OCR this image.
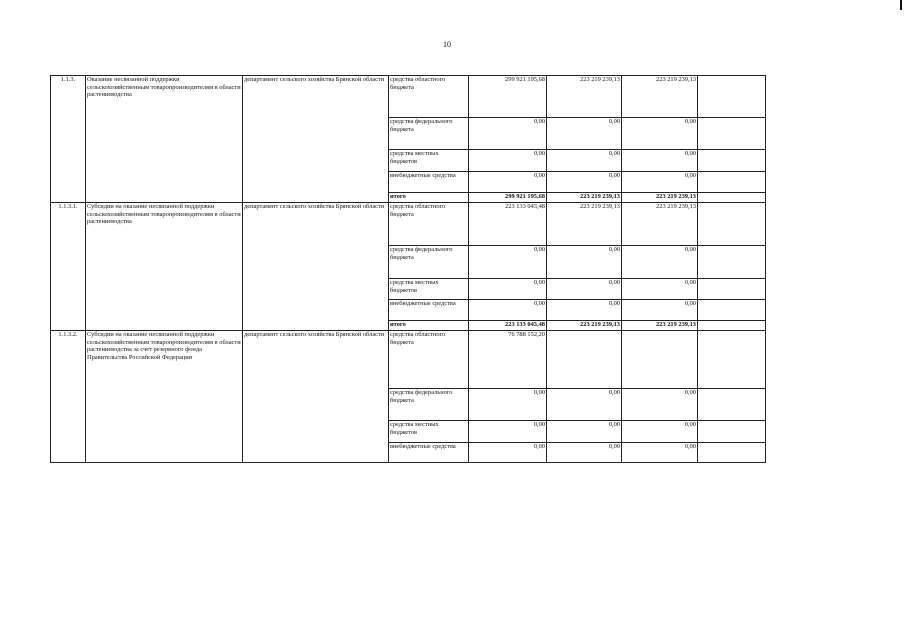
10
1.1.3.	Оказание несвязанной поддержки сельскохозяйственным товаропроизводителям в области растениеводства	департамент сельского хозяйства Брянской области	средства областного бюджета	299 921 195,68	223 219 239,13	223 219 239,13	
			средства федерального бюджета	0,00	0,00	0,00	
			средства местных бюджетов	0,00	0,00	0,00	
			внебюджетные средства	0,00	0,00	0,00	
			итого	299 921 195,68	223 219 239,13	223 219 239,13	
1.1.3.1.	Субсидии на оказание несвязанной поддержки сельскохозяйственным товаропроизводителям в области растениеводства	департамент сельского хозяйства Брянской области	средства областного бюджета	223 133 043,48	223 219 239,13	223 219 239,13	
			средства федерального бюджета	0,00	0,00	0,00	
			средства местных бюджетов	0,00	0,00	0,00	
			внебюджетные средства	0,00	0,00	0,00	
			итого	223 133 043,48	223 219 239,13	223 219 239,13	
1.1.3.2.	Субсидии на оказание несвязанной поддержки сельскохозяйственным товаропроизводителям в области растениеводства за счет резервного фонда Правительства Российской Федерации	департамент сельского хозяйства Брянской области	средства областного бюджета	76 788 152,20			
			средства федерального бюджета	0,00	0,00	0,00	
			средства местных бюджетов	0,00	0,00	0,00	
			внебюджетные средства	0,00	0,00	0,00	
